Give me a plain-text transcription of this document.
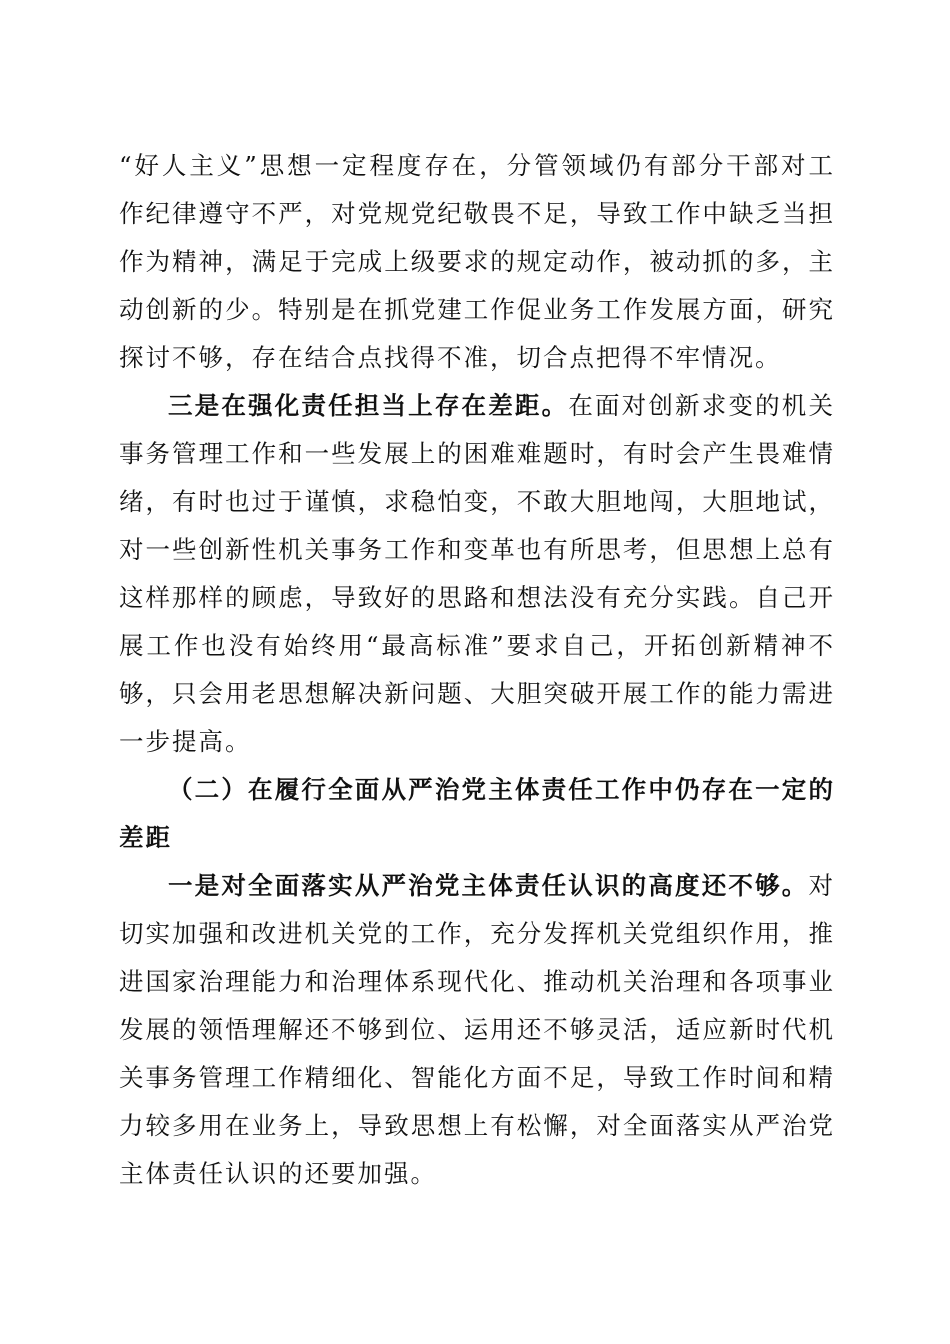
“好人主义”思想一定程度存在，分管领域仍有部分干部对工作纪律遵守不严，对党规党纪敬畏不足，导致工作中缺乏当担作为精神，满足于完成上级要求的规定动作，被动抓的多，主动创新的少。特别是在抓党建工作促业务工作发展方面，研究探讨不够，存在结合点找得不准，切合点把得不牢情况。

三是在强化责任担当上存在差距。在面对创新求变的机关事务管理工作和一些发展上的困难难题时，有时会产生畏难情绪，有时也过于谨慎，求稳怕变，不敢大胆地闯，大胆地试，对一些创新性机关事务工作和变革也有所思考，但思想上总有这样那样的顾虑，导致好的思路和想法没有充分实践。自己开展工作也没有始终用“最高标准”要求自己，开拓创新精神不够，只会用老思想解决新问题、大胆突破开展工作的能力需进一步提高。

（二）在履行全面从严治党主体责任工作中仍存在一定的差距

一是对全面落实从严治党主体责任认识的高度还不够。对切实加强和改进机关党的工作，充分发挥机关党组织作用，推进国家治理能力和治理体系现代化、推动机关治理和各项事业发展的领悟理解还不够到位、运用还不够灵活，适应新时代机关事务管理工作精细化、智能化方面不足，导致工作时间和精力较多用在业务上，导致思想上有松懈，对全面落实从严治党主体责任认识的还要加强。
